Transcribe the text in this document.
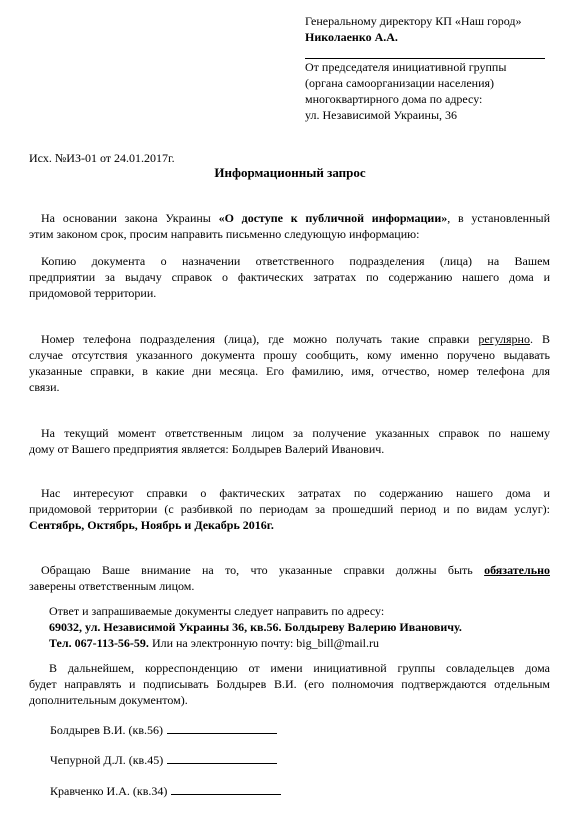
Генеральному директору КП «Наш город»
Николаенко А.А.
От председателя инициативной группы
(органа самоорганизации населения)
многоквартирного дома по адресу:
ул. Независимой Украины, 36
Исх. №ИЗ-01 от 24.01.2017г.
Информационный запрос
На основании закона Украины «О доступе к публичной информации», в установленный
этим законом срок, просим направить письменно следующую информацию:
Копию документа о назначении ответственного подразделения (лица) на Вашем
предприятии за выдачу справок о фактических затратах по содержанию нашего дома и
придомовой территории.
Номер телефона подразделения (лица), где можно получать такие справки регулярно. В
случае отсутствия указанного документа прошу сообщить, кому именно поручено выдавать
указанные справки, в какие дни месяца. Его фамилию, имя, отчество, номер телефона для
связи.
На текущий момент ответственным лицом за получение указанных справок по нашему
дому от Вашего предприятия является: Болдырев Валерий Иванович.
Нас интересуют справки о фактических затратах по содержанию нашего дома и
придомовой территории (с разбивкой по периодам за прошедший период и по видам услуг):
Сентябрь, Октябрь, Ноябрь и Декабрь 2016г.
Обращаю Ваше внимание на то, что указанные справки должны быть обязательно
заверены ответственным лицом.
Ответ и запрашиваемые документы следует направить по адресу:
69032, ул. Независимой Украины 36, кв.56. Болдыреву Валерию Ивановичу.
Тел. 067-113-56-59. Или на электронную почту: big_bill@mail.ru
В дальнейшем, корреспонденцию от имени инициативной группы совладельцев дома
будет направлять и подписывать Болдырев В.И. (его полномочия подтверждаются отдельным
дополнительным документом).
Болдырев В.И. (кв.56)
Чепурной Д.Л. (кв.45)
Кравченко И.А. (кв.34)
